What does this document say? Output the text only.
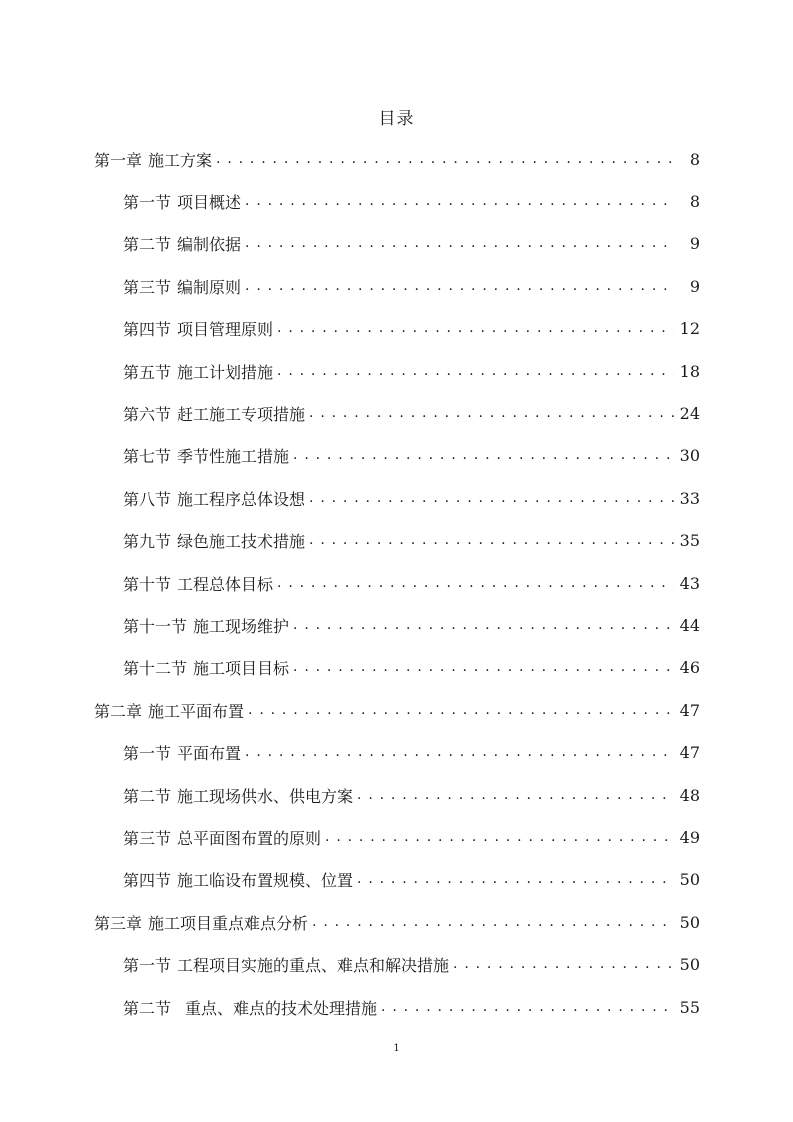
目录
第一章 施工方案 . . .	8
第一节 项目概述 . . .	8
第二节 编制依据 . . .	9
第三节 编制原则 . . .	9
第四节 项目管理原则 . . .	12
第五节 施工计划措施 . . .	18
第六节 赶工施工专项措施 . . .	24
第七节 季节性施工措施 . . .	30
第八节 施工程序总体设想 . . .	33
第九节 绿色施工技术措施 . . .	35
第十节 工程总体目标 . . .	43
第十一节 施工现场维护 . . .	44
第十二节 施工项目目标 . . .	46
第二章 施工平面布置 . . .	47
第一节 平面布置 . . .	47
第二节 施工现场供水、供电方案 . . .	48
第三节 总平面图布置的原则 . . .	49
第四节 施工临设布置规模、位置 . . .	50
第三章 施工项目重点难点分析 . . .	50
第一节 工程项目实施的重点、难点和解决措施 . . .	50
第二节 重点、难点的技术处理措施 . . .	55
1
